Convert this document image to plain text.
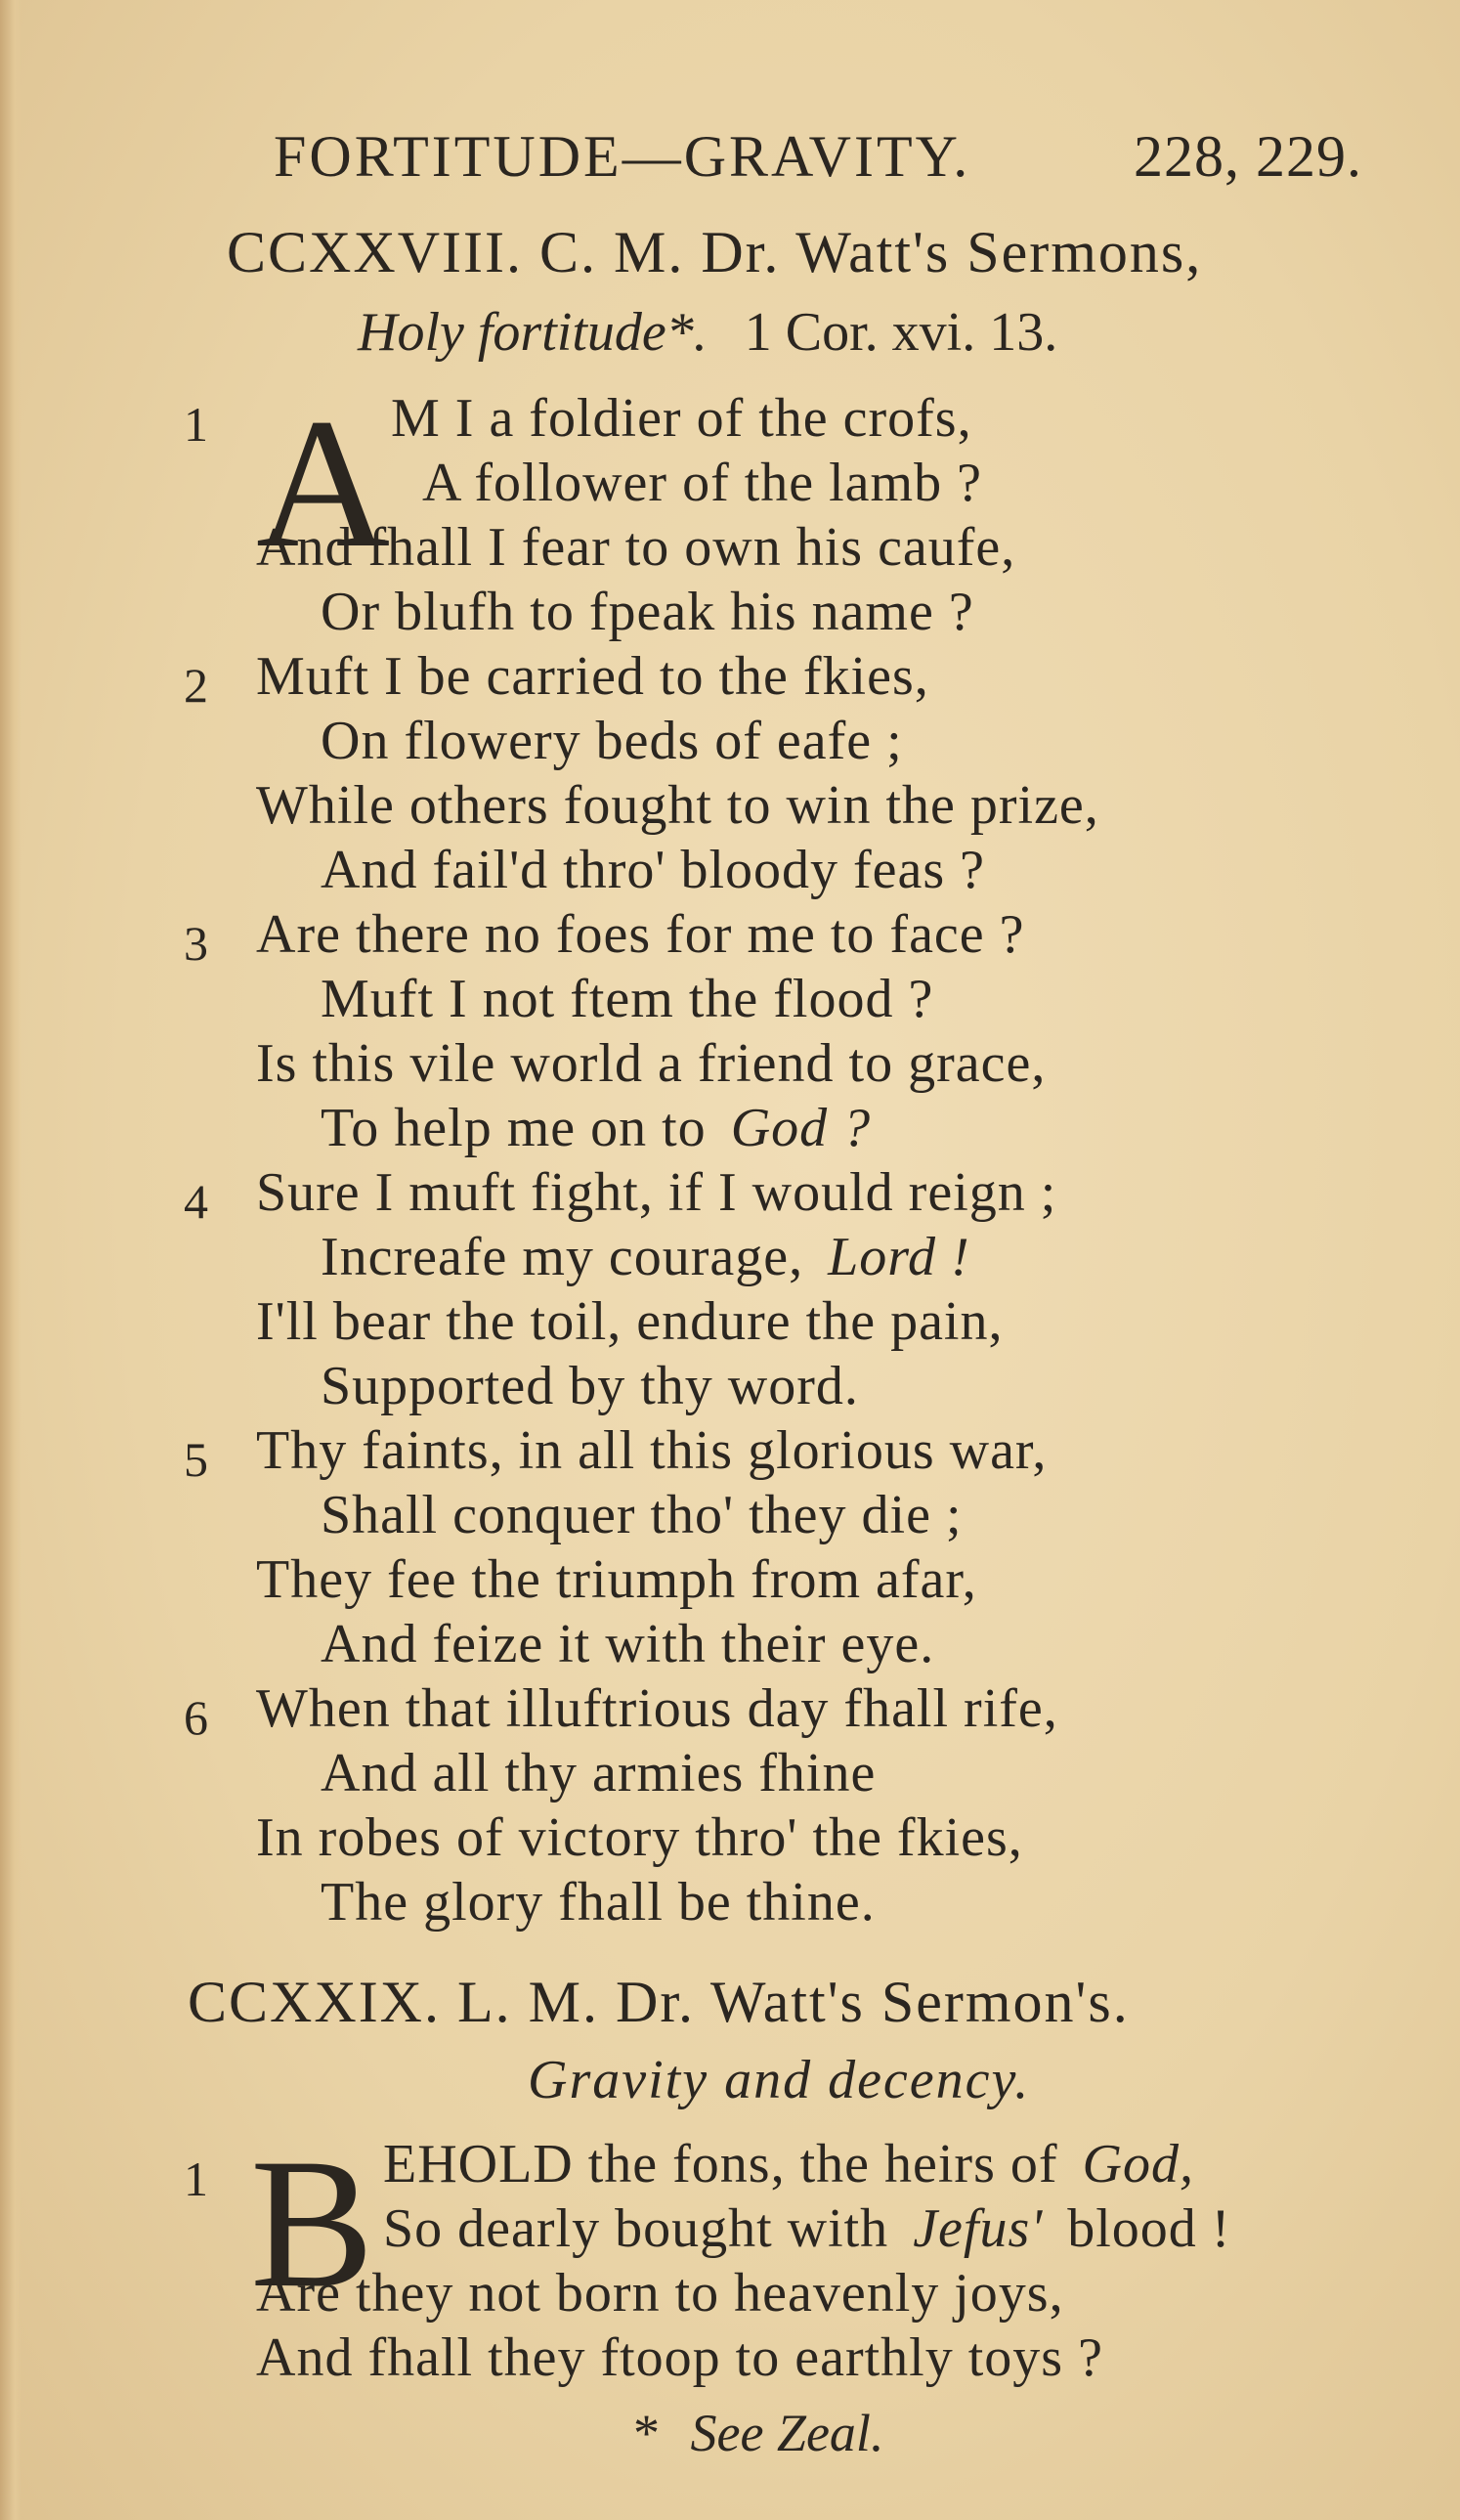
FORTITUDE—GRAVITY.	228, 229.
CCXXVIII. C. M. Dr. Watt's Sermons,
Holy fortitude*. 1 Cor. xvi. 13.
1 A M I a foldier of the crofs,
A follower of the lamb ?
And fhall I fear to own his caufe,
Or blufh to fpeak his name ?
2 Muft I be carried to the fkies,
On flowery beds of eafe ;
While others fought to win the prize,
And fail'd thro' bloody feas ?
3 Are there no foes for me to face ?
Muft I not ftem the flood ?
Is this vile world a friend to grace,
To help me on to God ?
4 Sure I muft fight, if I would reign ;
Increafe my courage, Lord !
I'll bear the toil, endure the pain,
Supported by thy word.
5 Thy faints, in all this glorious war,
Shall conquer tho' they die ;
They fee the triumph from afar,
And feize it with their eye.
6 When that illuftrious day fhall rife,
And all thy armies fhine
In robes of victory thro' the fkies,
The glory fhall be thine.
CCXXIX. L. M. Dr. Watt's Sermon's.
Gravity and decency.
1 B EHOLD the fons, the heirs of God,
So dearly bought with Jefus' blood !
Are they not born to heavenly joys,
And fhall they ftoop to earthly toys ?
* See Zeal.
